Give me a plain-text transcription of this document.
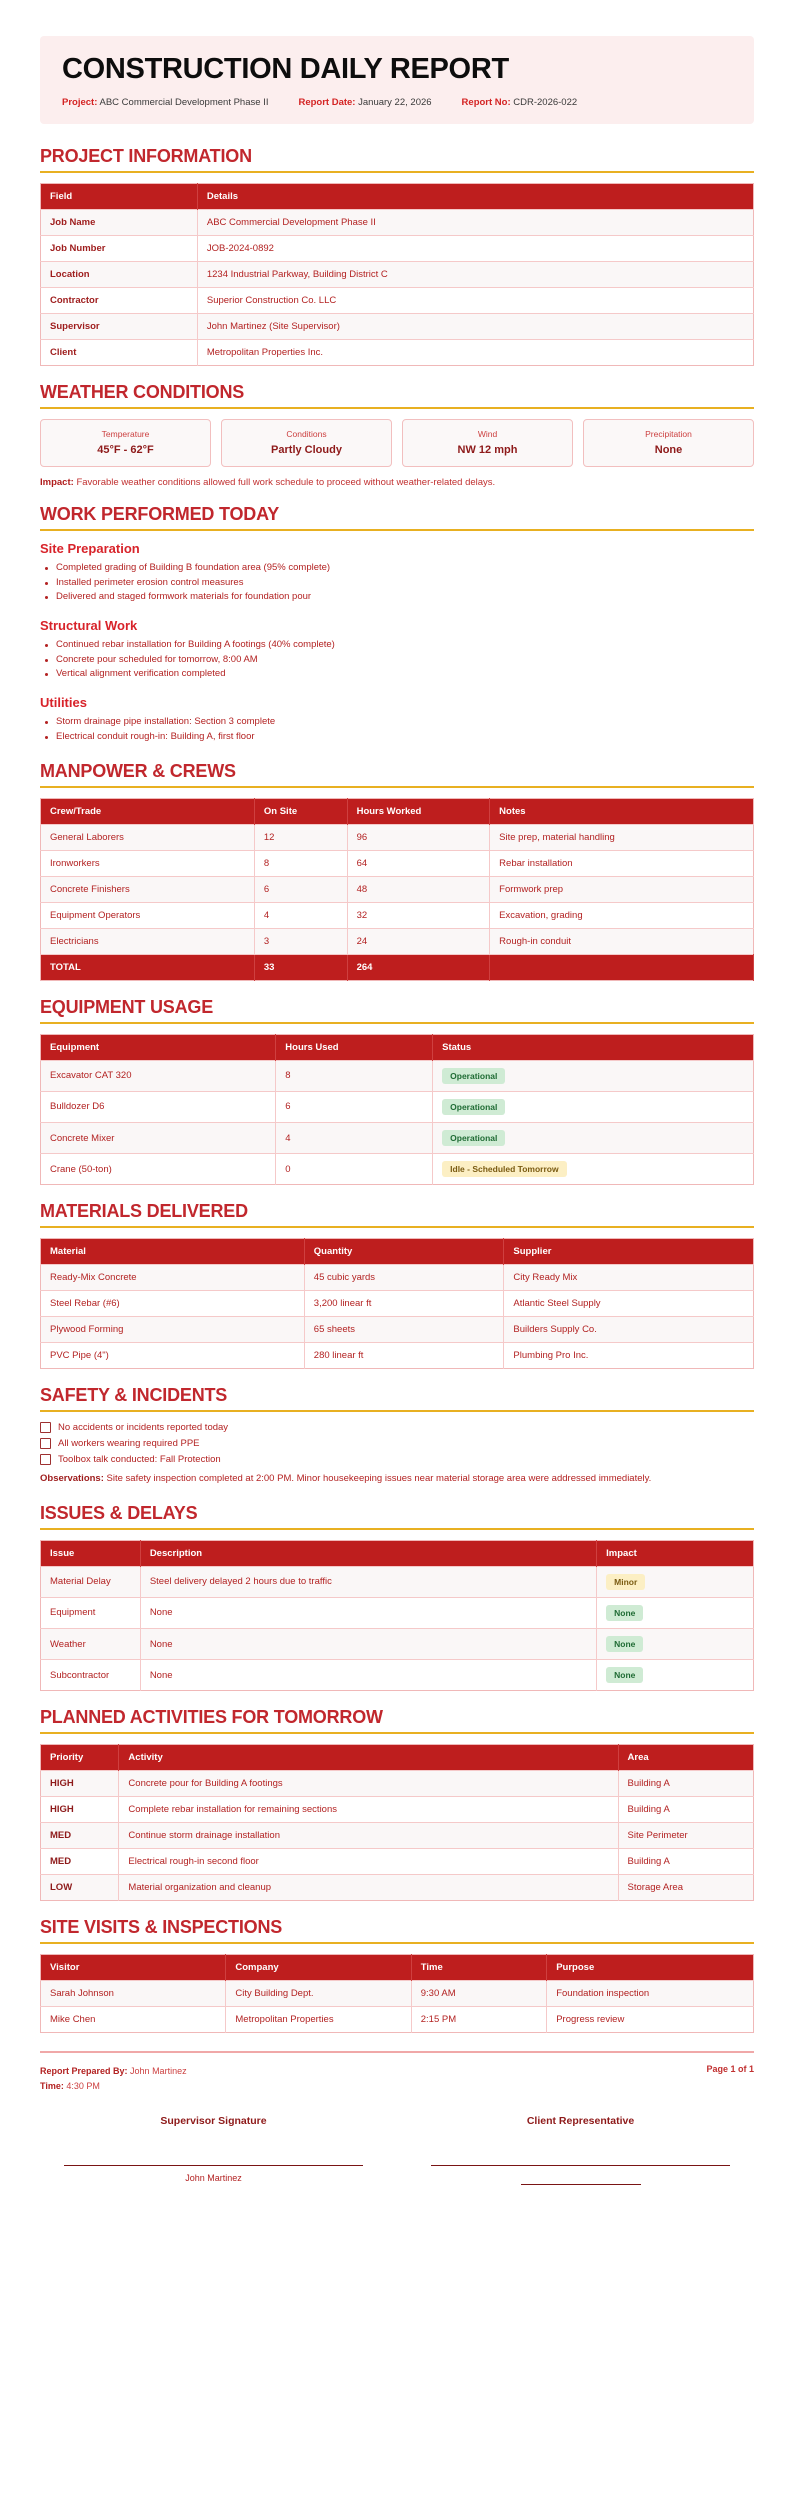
CONSTRUCTION DAILY REPORT
Project: ABC Commercial Development Phase II	Report Date: January 22, 2026	Report No: CDR-2026-022
PROJECT INFORMATION
Field	Details
Job Name	ABC Commercial Development Phase II
Job Number	JOB-2024-0892
Location	1234 Industrial Parkway, Building District C
Contractor	Superior Construction Co. LLC
Supervisor	John Martinez (Site Supervisor)
Client	Metropolitan Properties Inc.
WEATHER CONDITIONS
Temperature
45°F - 62°F
Conditions
Partly Cloudy
Wind
NW 12 mph
Precipitation
None
Impact: Favorable weather conditions allowed full work schedule to proceed without weather-related delays.
WORK PERFORMED TODAY
Site Preparation
Completed grading of Building B foundation area (95% complete)
Installed perimeter erosion control measures
Delivered and staged formwork materials for foundation pour
Structural Work
Continued rebar installation for Building A footings (40% complete)
Concrete pour scheduled for tomorrow, 8:00 AM
Vertical alignment verification completed
Utilities
Storm drainage pipe installation: Section 3 complete
Electrical conduit rough-in: Building A, first floor
MANPOWER & CREWS
Crew/Trade	On Site	Hours Worked	Notes
General Laborers	12	96	Site prep, material handling
Ironworkers	8	64	Rebar installation
Concrete Finishers	6	48	Formwork prep
Equipment Operators	4	32	Excavation, grading
Electricians	3	24	Rough-in conduit
TOTAL	33	264	
EQUIPMENT USAGE
Equipment	Hours Used	Status
Excavator CAT 320	8	Operational
Bulldozer D6	6	Operational
Concrete Mixer	4	Operational
Crane (50-ton)	0	Idle - Scheduled Tomorrow
MATERIALS DELIVERED
Material	Quantity	Supplier
Ready-Mix Concrete	45 cubic yards	City Ready Mix
Steel Rebar (#6)	3,200 linear ft	Atlantic Steel Supply
Plywood Forming	65 sheets	Builders Supply Co.
PVC Pipe (4")	280 linear ft	Plumbing Pro Inc.
SAFETY & INCIDENTS
No accidents or incidents reported today
All workers wearing required PPE
Toolbox talk conducted: Fall Protection
Observations: Site safety inspection completed at 2:00 PM. Minor housekeeping issues near material storage area were addressed immediately.
ISSUES & DELAYS
Issue	Description	Impact
Material Delay	Steel delivery delayed 2 hours due to traffic	Minor
Equipment	None	None
Weather	None	None
Subcontractor	None	None
PLANNED ACTIVITIES FOR TOMORROW
Priority	Activity	Area
HIGH	Concrete pour for Building A footings	Building A
HIGH	Complete rebar installation for remaining sections	Building A
MED	Continue storm drainage installation	Site Perimeter
MED	Electrical rough-in second floor	Building A
LOW	Material organization and cleanup	Storage Area
SITE VISITS & INSPECTIONS
Visitor	Company	Time	Purpose
Sarah Johnson	City Building Dept.	9:30 AM	Foundation inspection
Mike Chen	Metropolitan Properties	2:15 PM	Progress review
Report Prepared By: John Martinez
Time: 4:30 PM
Page 1 of 1
Supervisor Signature
John Martinez
Client Representative
